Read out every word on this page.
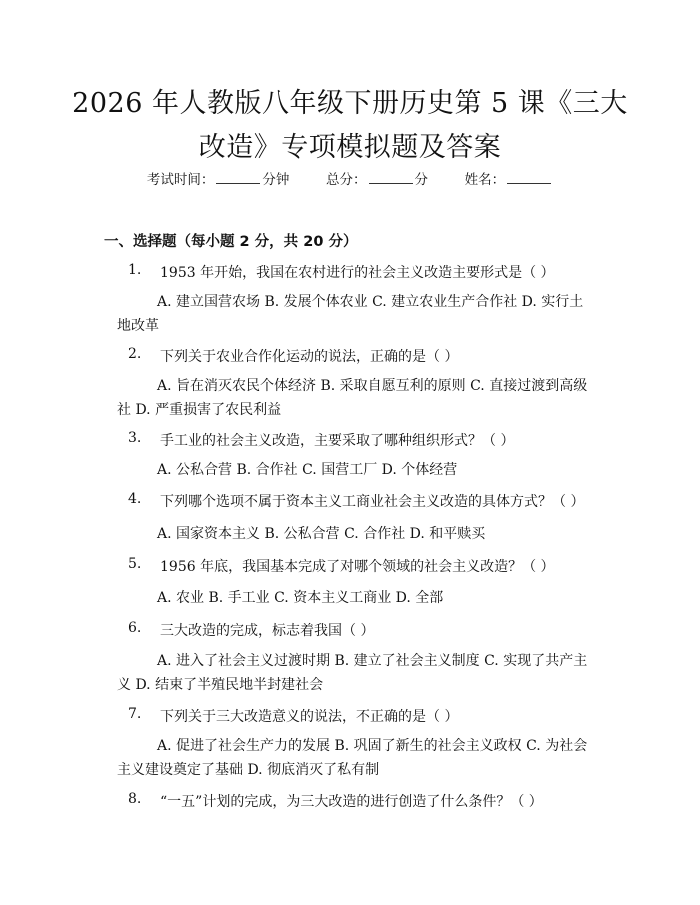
2026 年人教版八年级下册历史第 5 课《三大
改造》专项模拟题及答案
考试时间：	分钟	总分：	分	姓名：
一、选择题（每小题 2 分，共 20 分）
1.	1953 年开始，我国在农村进行的社会主义改造主要形式是（ ）
A. 建立国营农场 B. 发展个体农业 C. 建立农业生产合作社 D. 实行土地改革
2.	下列关于农业合作化运动的说法，正确的是（ ）
A. 旨在消灭农民个体经济 B. 采取自愿互利的原则 C. 直接过渡到高级社 D. 严重损害了农民利益
3.	手工业的社会主义改造，主要采取了哪种组织形式？（ ）
A. 公私合营 B. 合作社 C. 国营工厂 D. 个体经营
4.	下列哪个选项不属于资本主义工商业社会主义改造的具体方式？（ ）
A. 国家资本主义 B. 公私合营 C. 合作社 D. 和平赎买
5.	1956 年底，我国基本完成了对哪个领域的社会主义改造？（ ）
A. 农业 B. 手工业 C. 资本主义工商业 D. 全部
6.	三大改造的完成，标志着我国（ ）
A. 进入了社会主义过渡时期 B. 建立了社会主义制度 C. 实现了共产主义 D. 结束了半殖民地半封建社会
7.	下列关于三大改造意义的说法，不正确的是（ ）
A. 促进了社会生产力的发展 B. 巩固了新生的社会主义政权 C. 为社会主义建设奠定了基础 D. 彻底消灭了私有制
8.	“一五”计划的完成，为三大改造的进行创造了什么条件？（ ）
